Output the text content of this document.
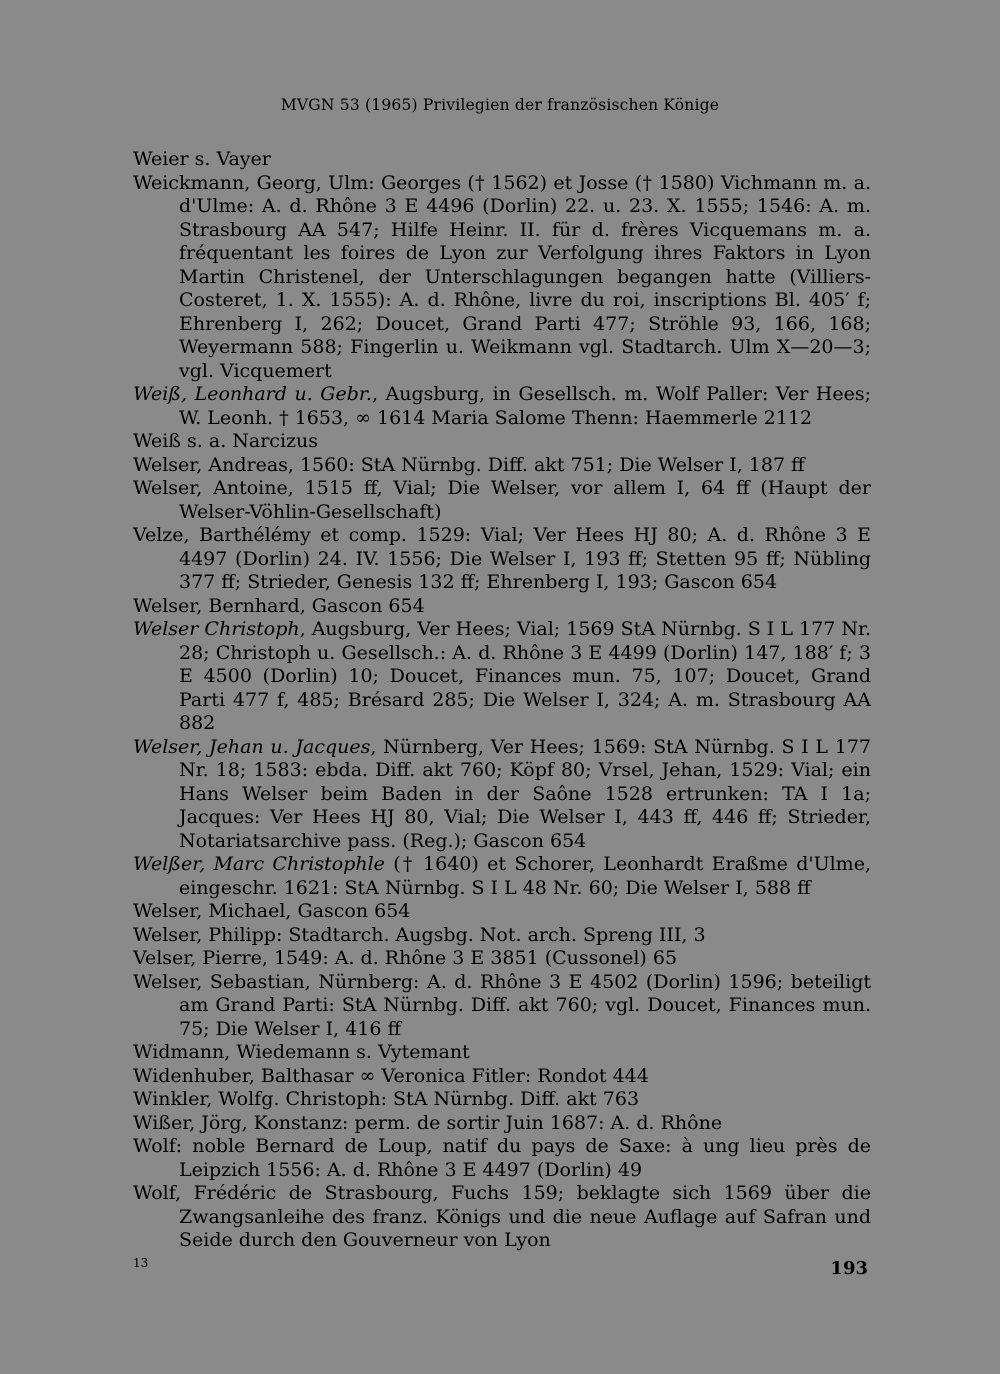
MVGN 53 (1965) Privilegien der französischen Könige
Weier s. Vayer
Weickmann, Georg, Ulm: Georges († 1562) et Josse († 1580) Vichmann m. a. d'Ulme: A. d. Rhône 3 E 4496 (Dorlin) 22. u. 23. X. 1555; 1546: A. m. Strasbourg AA 547; Hilfe Heinr. II. für d. frères Vicquemans m. a. fréquentant les foires de Lyon zur Verfolgung ihres Faktors in Lyon Martin Christenel, der Unterschlagungen begangen hatte (Villiers-Costeret, 1. X. 1555): A. d. Rhône, livre du roi, inscriptions Bl. 405′ f; Ehrenberg I, 262; Doucet, Grand Parti 477; Ströhle 93, 166, 168; Weyermann 588; Fingerlin u. Weikmann vgl. Stadtarch. Ulm X—20—3; vgl. Vicquemert
Weiß, Leonhard u. Gebr., Augsburg, in Gesellsch. m. Wolf Paller: Ver Hees; W. Leonh. † 1653, ∞ 1614 Maria Salome Thenn: Haemmerle 2112
Weiß s. a. Narcizus
Welser, Andreas, 1560: StA Nürnbg. Diff. akt 751; Die Welser I, 187 ff
Welser, Antoine, 1515 ff, Vial; Die Welser, vor allem I, 64 ff (Haupt der Welser-Vöhlin-Gesellschaft)
Velze, Barthélémy et comp. 1529: Vial; Ver Hees HJ 80; A. d. Rhône 3 E 4497 (Dorlin) 24. IV. 1556; Die Welser I, 193 ff; Stetten 95 ff; Nübling 377 ff; Strieder, Genesis 132 ff; Ehrenberg I, 193; Gascon 654
Welser, Bernhard, Gascon 654
Welser Christoph, Augsburg, Ver Hees; Vial; 1569 StA Nürnbg. S I L 177 Nr. 28; Christoph u. Gesellsch.: A. d. Rhône 3 E 4499 (Dorlin) 147, 188′ f; 3 E 4500 (Dorlin) 10; Doucet, Finances mun. 75, 107; Doucet, Grand Parti 477 f, 485; Brésard 285; Die Welser I, 324; A. m. Strasbourg AA 882
Welser, Jehan u. Jacques, Nürnberg, Ver Hees; 1569: StA Nürnbg. S I L 177 Nr. 18; 1583: ebda. Diff. akt 760; Köpf 80; Vrsel, Jehan, 1529: Vial; ein Hans Welser beim Baden in der Saône 1528 ertrunken: TA I 1a; Jacques: Ver Hees HJ 80, Vial; Die Welser I, 443 ff, 446 ff; Strieder, Notariatsarchive pass. (Reg.); Gascon 654
Welßer, Marc Christophle († 1640) et Schorer, Leonhardt Eraßme d'Ulme, eingeschr. 1621: StA Nürnbg. S I L 48 Nr. 60; Die Welser I, 588 ff
Welser, Michael, Gascon 654
Welser, Philipp: Stadtarch. Augsbg. Not. arch. Spreng III, 3
Velser, Pierre, 1549: A. d. Rhône 3 E 3851 (Cussonel) 65
Welser, Sebastian, Nürnberg: A. d. Rhône 3 E 4502 (Dorlin) 1596; beteiligt am Grand Parti: StA Nürnbg. Diff. akt 760; vgl. Doucet, Finances mun. 75; Die Welser I, 416 ff
Widmann, Wiedemann s. Vytemant
Widenhuber, Balthasar ∞ Veronica Fitler: Rondot 444
Winkler, Wolfg. Christoph: StA Nürnbg. Diff. akt 763
Wißer, Jörg, Konstanz: perm. de sortir Juin 1687: A. d. Rhône
Wolf: noble Bernard de Loup, natif du pays de Saxe: à ung lieu près de Leipzich 1556: A. d. Rhône 3 E 4497 (Dorlin) 49
Wolf, Frédéric de Strasbourg, Fuchs 159; beklagte sich 1569 über die Zwangsanleihe des franz. Königs und die neue Auflage auf Safran und Seide durch den Gouverneur von Lyon
13	193
